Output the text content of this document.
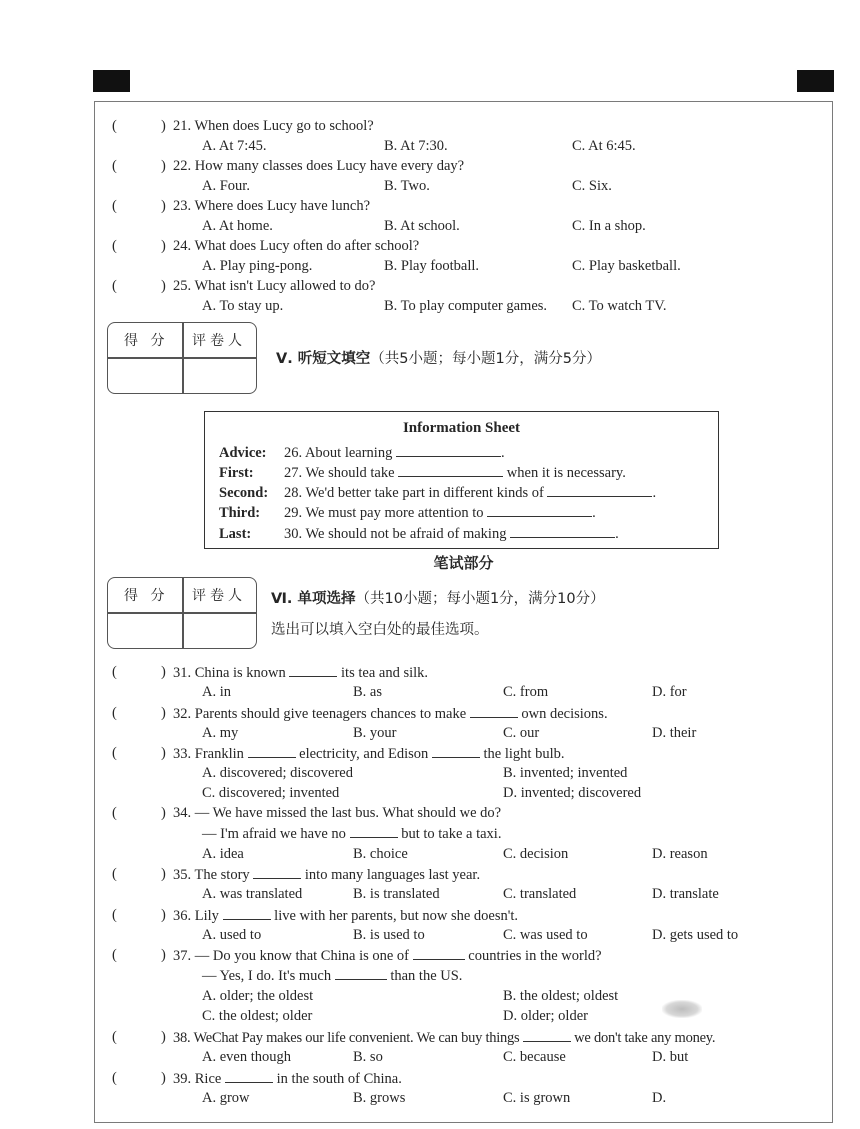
(	) 21. When does Lucy go to school?
A. At 7:45.	B. At 7:30.	C. At 6:45.
(	) 22. How many classes does Lucy have every day?
A. Four.	B. Two.	C. Six.
(	) 23. Where does Lucy have lunch?
A. At home.	B. At school.	C. In a shop.
(	) 24. What does Lucy often do after school?
A. Play ping-pong.	B. Play football.	C. Play basketball.
(	) 25. What isn't Lucy allowed to do?
A. To stay up.	B. To play computer games. C. To watch TV.
得 分 评卷人
Ⅴ. 听短文填空（共5小题；每小题1分，满分5分）
Information Sheet
Advice: 26. About learning	.
First: 27. We should take	when it is necessary.
Second: 28. We'd better take part in different kinds of	.
Third: 29. We must pay more attention to	.
Last: 30. We should not be afraid of making	.
笔试部分
得 分 评卷人 Ⅵ. 单项选择（共10小题；每小题1分，满分10分）
选出可以填入空白处的最佳选项。
(	) 31. China is known	its tea and silk.
A. in	B. as	C. from	D. for
(	) 32. Parents should give teenagers chances to make	own decisions.
A. my	B. your	C. our	D. their
(	) 33. Franklin	electricity, and Edison	the light bulb.
A. discovered; discovered	B. invented; invented
C. discovered; invented	D. invented; discovered
(	) 34. — We have missed the last bus. What should we do?
— I'm afraid we have no	but to take a taxi.
A. idea	B. choice	C. decision	D. reason
(	) 35. The story	into many languages last year.
A. was translated	B. is translated	C. translated	D. translate
(	) 36. Lily	live with her parents, but now she doesn't.
A. used to	B. is used to	C. was used to	D. gets used to
(	) 37. — Do you know that China is one of	countries in the world?
— Yes, I do. It's much	than the US.
A. older; the oldest	B. the oldest; oldest
C. the oldest; older	D. older; older
(	) 38. WeChat Pay makes our life convenient. We can buy things	we don't take any money.
A. even though	B. so	C. because	D. but
(	) 39. Rice	in the south of China.
A. grow	B. grows	C. is grown	D.
